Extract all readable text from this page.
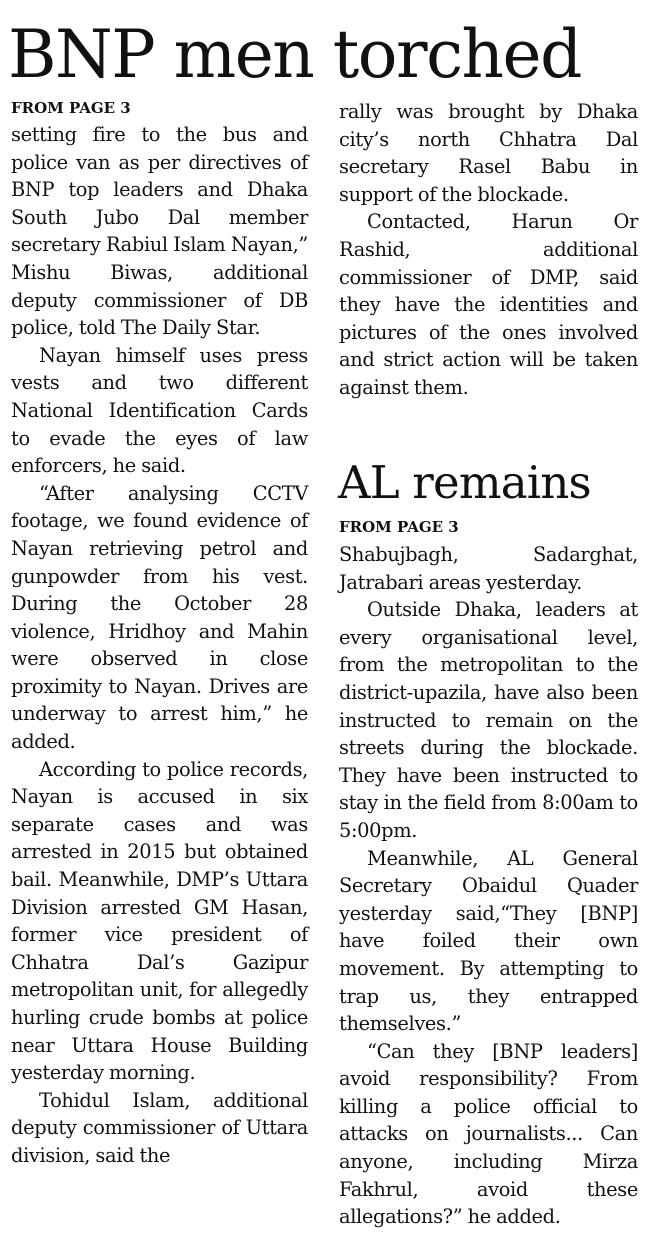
BNP men torched
FROM PAGE 3

setting fire to the bus and police van as per directives of BNP top leaders and Dhaka South Jubo Dal member secretary Rabiul Islam Nayan,” Mishu Biwas, additional deputy commissioner of DB police, told The Daily Star.

Nayan himself uses press vests and two different National Identification Cards to evade the eyes of law enforcers, he said.

“After analysing CCTV footage, we found evidence of Nayan retrieving petrol and gunpowder from his vest. During the October 28 violence, Hridhoy and Mahin were observed in close proximity to Nayan. Drives are underway to arrest him,” he added.

According to police records, Nayan is accused in six separate cases and was arrested in 2015 but obtained bail. Meanwhile, DMP’s Uttara Division arrested GM Hasan, former vice president of Chhatra Dal’s Gazipur metropolitan unit, for allegedly hurling crude bombs at police near Uttara House Building yesterday morning.

Tohidul Islam, additional deputy commissioner of Uttara division, said the

rally was brought by Dhaka city’s north Chhatra Dal secretary Rasel Babu in support of the blockade.

Contacted, Harun Or Rashid, additional commissioner of DMP, said they have the identities and pictures of the ones involved and strict action will be taken against them.

AL remains
FROM PAGE 3

Shabujbagh, Sadarghat, Jatrabari areas yesterday.

Outside Dhaka, leaders at every organisational level, from the metropolitan to the district-upazila, have also been instructed to remain on the streets during the blockade. They have been instructed to stay in the field from 8:00am to 5:00pm.

Meanwhile, AL General Secretary Obaidul Quader yesterday said,“They [BNP] have foiled their own movement. By attempting to trap us, they entrapped themselves.”

“Can they [BNP leaders] avoid responsibility? From killing a police official to attacks on journalists... Can anyone, including Mirza Fakhrul, avoid these allegations?” he added.
